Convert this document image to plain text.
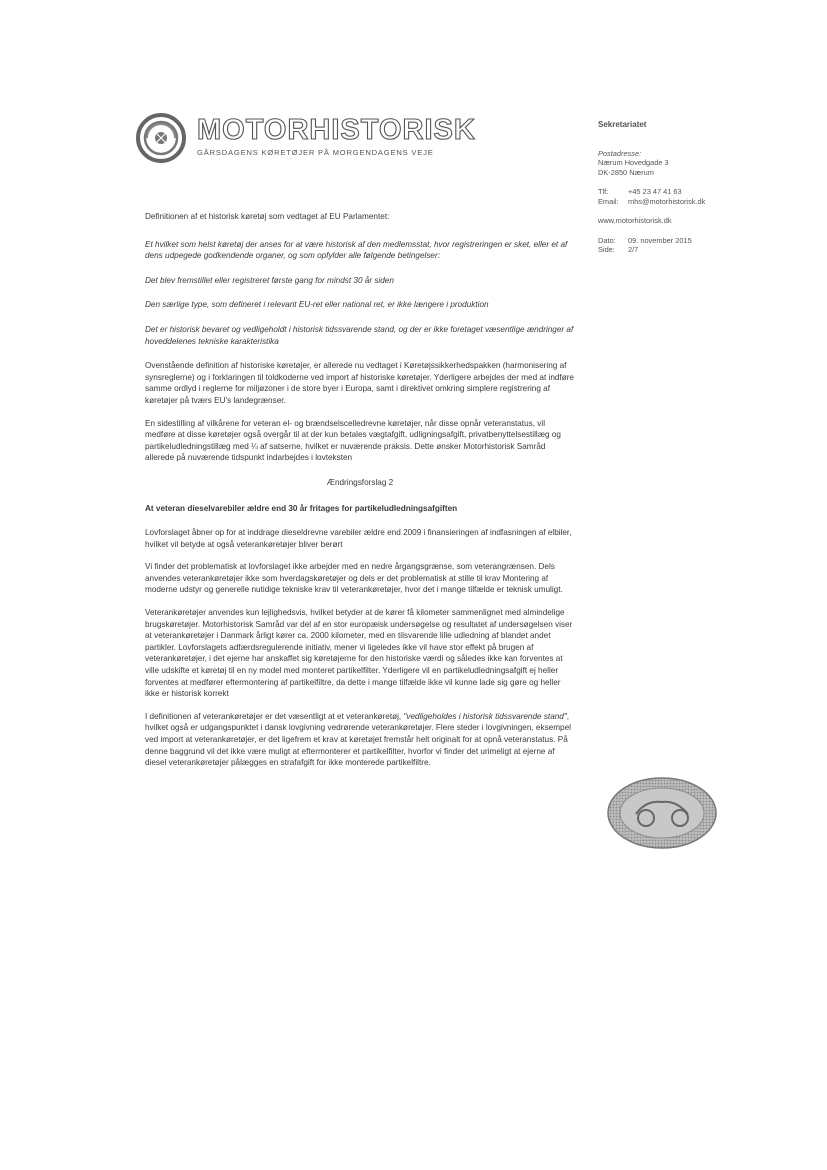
MOTORHISTORISK
GÅRSDAGENS KØRETØJER PÅ MORGENDAGENS VEJE
Sekretariatet
Postadresse:
Nærum Hovedgade 3
DK-2850 Nærum
Tlf:	+45 23 47 41 63
Email: mhs@motorhistorisk.dk
www.motorhistorisk.dk
Dato: 09. november 2015
Side: 2/7

Definitionen af et historisk køretøj som vedtaget af EU Parlamentet:

Et hvilket som helst køretøj der anses for at være historisk af den medlemsstat, hvor registreringen er sket, eller et af dens udpegede godkendende organer, og som opfylder alle følgende betingelser:

Det blev fremstillet eller registreret første gang for mindst 30 år siden

Den særlige type, som defineret i relevant EU-ret eller national ret, er ikke længere i produktion

Det er historisk bevaret og vedligeholdt i historisk tidssvarende stand, og der er ikke foretaget væsentlige ændringer af hoveddelenes tekniske karakteristika

Ovenstående definition af historiske køretøjer, er allerede nu vedtaget i Køretøjssikkerhedspakken (harmonisering af synsreglerne) og i forklaringen til toldkoderne ved import af historiske køretøjer. Yderligere arbejdes der med at indføre samme ordlyd i reglerne for miljøzoner i de store byer i Europa, samt i direktivet omkring simplere registrering af køretøjer på tværs EU's landegrænser.

En sidestilling af vilkårene for veteran el- og brændselscelledrevne køretøjer, når disse opnår veteranstatus, vil medføre at disse køretøjer også overgår til at der kun betales vægtafgift, udligningsafgift, privatbenyttelsestillæg og partikeludledningstillæg med ¼ af satserne, hvilket er nuværende praksis. Dette ønsker Motorhistorisk Samråd allerede på nuværende tidspunkt indarbejdes i lovteksten

Ændringsforslag 2

At veteran dieselvarebiler ældre end 30 år fritages for partikeludledningsafgiften

Lovforslaget åbner op for at inddrage dieseldrevne varebiler ældre end 2009 i finansieringen af indfasningen af elbiler, hvilket vil betyde at også veterankøretøjer bliver berørt

Vi finder det problematisk at lovforslaget ikke arbejder med en nedre årgangsgrænse, som veterangrænsen. Dels anvendes veterankøretøjer ikke som hverdagskøretøjer og dels er det problematisk at stille til krav Montering af moderne udstyr og generelle nutidige tekniske krav til veterankøretøjer, hvor det i mange tilfælde er teknisk umuligt.

Veterankøretøjer anvendes kun lejlighedsvis, hvilket betyder at de kører få kilometer sammenlignet med almindelige brugskøretøjer. Motorhistorisk Samråd var del af en stor europæisk undersøgelse og resultatet af undersøgelsen viser at veterankøretøjer i Danmark årligt kører ca. 2000 kilometer, med en tilsvarende lille udledning af blandet andet partikler. Lovforslagets adfærdsregulerende initiativ, mener vi ligeledes ikke vil have stor effekt på brugen af veterankøretøjer, i det ejerne har anskaffet sig køretøjerne for den historiske værdi og således ikke kan forventes at ville udskifte et køretøj til en ny model med monteret partikelfilter. Yderligere vil en partikeludledningsafgift ej heller forventes at medfører eftermontering af partikelfiltre, da dette i mange tilfælde ikke vil kunne lade sig gøre og heller ikke er historisk korrekt

I definitionen af veterankøretøjer er det væsentligt at et veterankøretøj, "vedligeholdes i historisk tidssvarende stand", hvilket også er udgangspunktet i dansk lovgivning vedrørende veterankøretøjer. Flere steder i lovgivningen, eksempel ved import at veterankøretøjer, er det ligefrem et krav at køretøjet fremstår helt originalt for at opnå veteranstatus. På denne baggrund vil det ikke være muligt at eftermonterer et partikelfilter, hvorfor vi finder det urimeligt at ejerne af diesel veterankøretøjer pålægges en strafafgift for ikke monterede partikelfiltre.
